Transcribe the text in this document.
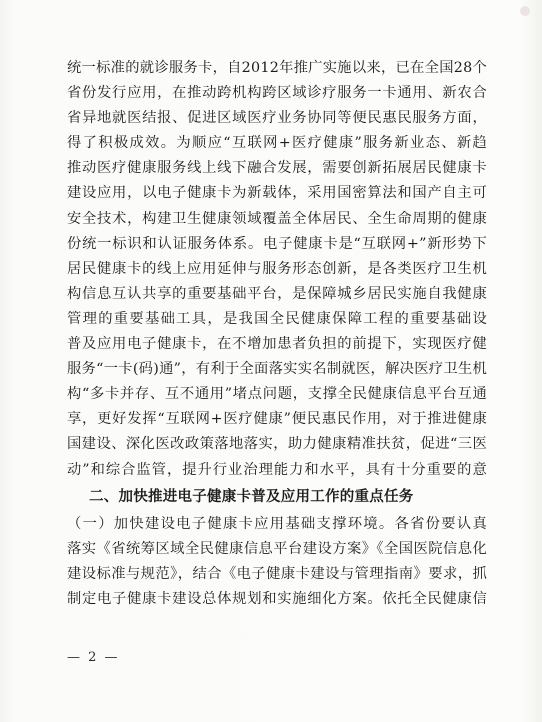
统一标准的就诊服务卡，自2012年推广实施以来，已在全国28个
省份发行应用，在推动跨机构跨区域诊疗服务一卡通用、新农合
省异地就医结报、促进区域医疗业务协同等便民惠民服务方面，
得了积极成效。为顺应“互联网+医疗健康”服务新业态、新趋
推动医疗健康服务线上线下融合发展，需要创新拓展居民健康卡
建设应用，以电子健康卡为新载体，采用国密算法和国产自主可
安全技术，构建卫生健康领域覆盖全体居民、全生命周期的健康
份统一标识和认证服务体系。电子健康卡是“互联网+”新形势下
居民健康卡的线上应用延伸与服务形态创新，是各类医疗卫生机
构信息互认共享的重要基础平台，是保障城乡居民实施自我健康
管理的重要基础工具，是我国全民健康保障工程的重要基础设
普及应用电子健康卡，在不增加患者负担的前提下，实现医疗健
服务“一卡(码)通”，有利于全面落实实名制就医，解决医疗卫生机
构“多卡并存、互不通用”堵点问题，支撑全民健康信息平台互通
享，更好发挥“互联网+医疗健康”便民惠民作用，对于推进健康
国建设、深化医改政策落地落实，助力健康精准扶贫，促进“三医
动”和综合监管，提升行业治理能力和水平，具有十分重要的意
二、加快推进电子健康卡普及应用工作的重点任务
（一）加快建设电子健康卡应用基础支撑环境。各省份要认真
落实《省统筹区域全民健康信息平台建设方案》《全国医院信息化
建设标准与规范》，结合《电子健康卡建设与管理指南》要求，抓
制定电子健康卡建设总体规划和实施细化方案。依托全民健康信
— 2 —
